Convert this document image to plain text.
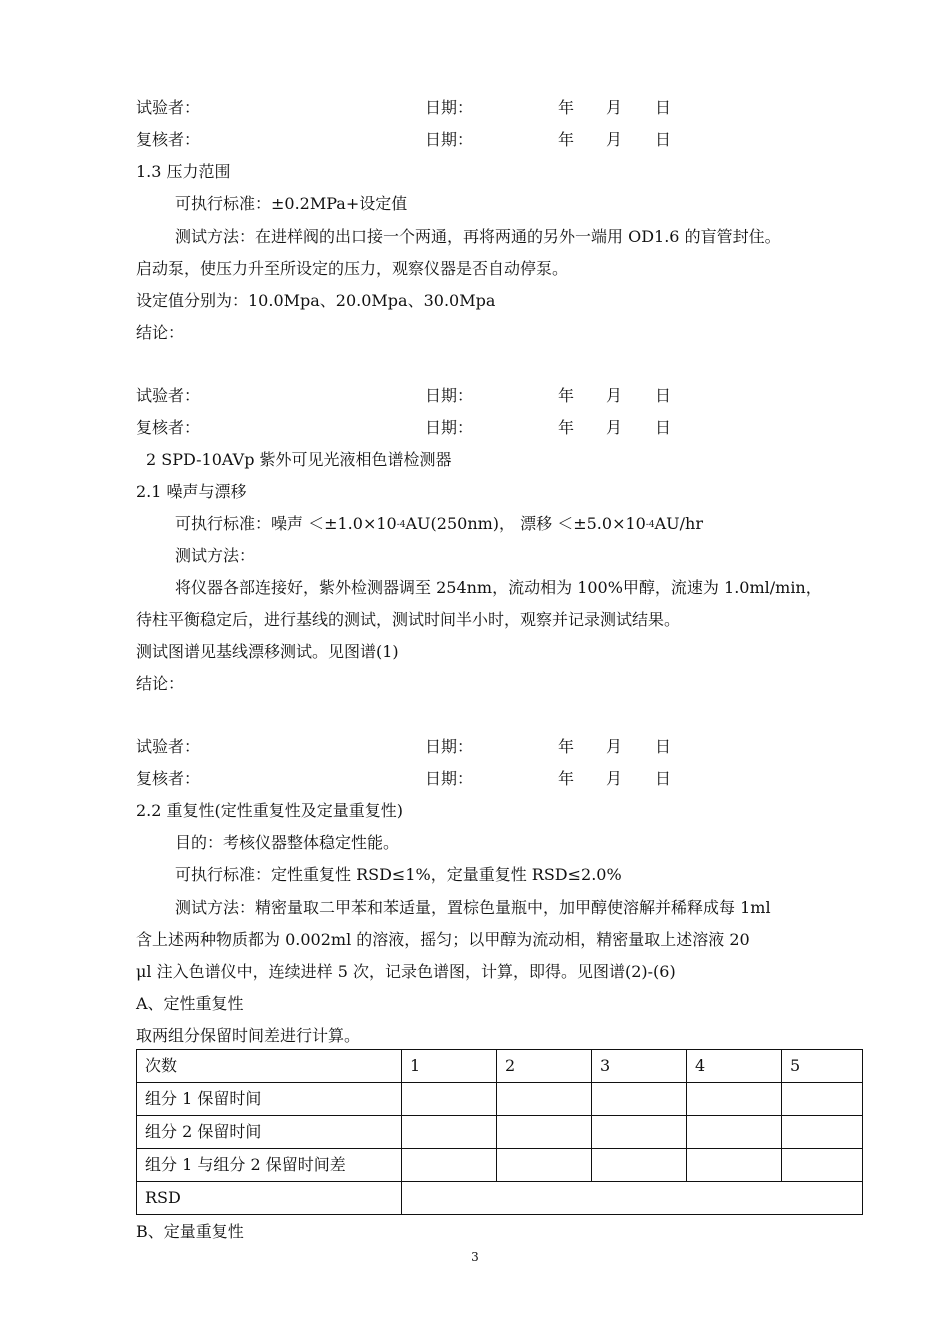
试验者：	日期：	年 月 日
复核者：	日期：	年 月 日
1.3 压力范围
可执行标准：±0.2MPa+设定值
测试方法：在进样阀的出口接一个两通，再将两通的另外一端用 OD1.6 的盲管封住。
启动泵，使压力升至所设定的压力，观察仪器是否自动停泵。
设定值分别为：10.0Mpa、20.0Mpa、30.0Mpa
结论：
试验者：	日期：	年 月 日
复核者：	日期：	年 月 日
2 SPD-10AVp 紫外可见光液相色谱检测器
2.1 噪声与漂移
可执行标准：噪声 $<\pm 1.0\times 10^{-4}AU(250nm)$， 漂移 $<\pm 5.0\times 10^{-4}AU/hr$
测试方法：
将仪器各部连接好，紫外检测器调至 254nm，流动相为 100%甲醇，流速为 1.0ml/min，
待柱平衡稳定后，进行基线的测试，测试时间半小时，观察并记录测试结果。
测试图谱见基线漂移测试。见图谱(1)
结论：
试验者：	日期：	年 月 日
复核者：	日期：	年 月 日
2.2 重复性(定性重复性及定量重复性)
目的：考核仪器整体稳定性能。
可执行标准：定性重复性 RSD≤1%，定量重复性 RSD≤2.0%
测试方法：精密量取二甲苯和苯适量，置棕色量瓶中，加甲醇使溶解并稀释成每 1ml
含上述两种物质都为 0.002ml 的溶液，摇匀；以甲醇为流动相，精密量取上述溶液 20
μl 注入色谱仪中，连续进样 5 次，记录色谱图，计算，即得。见图谱(2)-(6)
A、定性重复性
取两组分保留时间差进行计算。
次数	1	2	3	4	5
组分 1 保留时间					
组分 2 保留时间					
组分 1 与组分 2 保留时间差					
RSD					
B、定量重复性
3
